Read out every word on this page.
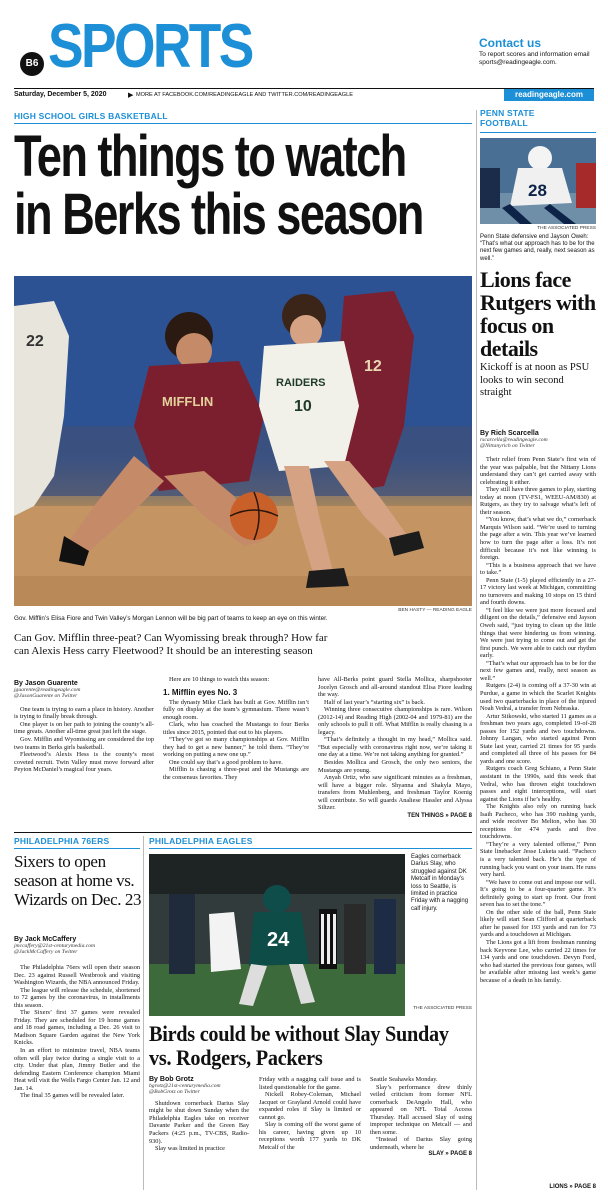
B6 SPORTS	Contact us
To report scores and information email sports@readingeagle.com.
Saturday, December 5, 2020	▶ MORE AT FACEBOOK.COM/READINGEAGLE AND TWITTER.COM/READINGEAGLE	readingeagle.com
HIGH SCHOOL GIRLS BASKETBALL
Ten things to watch in Berks this season
22
12
MIFFLIN
RAIDERS
10
BEN HASTY — READING EAGLE
Gov. Mifflin’s Elisa Fiore and Twin Valley’s Morgan Lennon will be big part of teams to keep an eye on this winter.
Can Gov. Mifflin three-peat? Can Wyomissing break through? How far can Alexis Hess carry Fleetwood? It should be an interesting season
By Jason Guarente
jguarente@readingeagle.com
@JasonGuarente on Twitter

One team is trying to earn a place in history. Another is trying to finally break through.

One player is on her path to joining the county’s all-time greats. Another all-time great just left the stage.

Gov. Mifflin and Wyomissing are considered the top two teams in Berks girls basketball.

Fleetwood’s Alexis Hess is the county’s most coveted recruit. Twin Valley must move forward after Peyton McDaniel’s magical four years.

Here are 10 things to watch this season:

1. Mifflin eyes No. 3

The dynasty Mike Clark has built at Gov. Mifflin isn’t fully on display at the team’s gymnasium. There wasn’t enough room.

Clark, who has coached the Mustangs to four Berks titles since 2015, pointed that out to his players.

“They’ve got so many championships at Gov. Mifflin they had to get a new banner,” he told them. “They’re working on putting a new one up.”

One could say that’s a good problem to have.

Mifflin is chasing a three-peat and the Mustangs are the consensus favorites. They

have All-Berks point guard Stella Mollica, sharpshooter Jocelyn Grosch and all-around standout Elisa Fiore leading the way.

Half of last year’s “starting six” is back.

Winning three consecutive championships is rare. Wilson (2012-14) and Reading High (2002-04 and 1979-81) are the only schools to pull it off. What Mifflin is really chasing is a legacy.

“That’s definitely a thought in my head,” Mollica said. “But especially with coronavirus right now, we’re taking it one day at a time. We’re not taking anything for granted.”

Besides Mollica and Grosch, the only two seniors, the Mustangs are young.

Anyah Ortiz, who saw significant minutes as a freshman, will have a bigger role. Shyanna and Shakyla Mayo, transfers from Muhlenberg, and freshman Taylor Koenig will contribute. So will guards Analiese Hassler and Alyssa Siltzer.

TEN THINGS » PAGE 8
PENN STATE FOOTBALL
28
THE ASSOCIATED PRESS
Penn State defensive end Jayson Oweh: “That’s what our approach has to be for the next few games and, really, next season as well.”
Lions face Rutgers with focus on details
Kickoff is at noon as PSU looks to win second straight
By Rich Scarcella
rscarcella@readingeagle.com
@Nittanyrich on Twitter

Their relief from Penn State’s first win of the year was palpable, but the Nittany Lions understand they can’t get carried away with celebrating it either.

They still have three games to play, starting today at noon (TV-FS1, WEEU-AM/830) at Rutgers, as they try to salvage what’s left of their season.

“You know, that’s what we do,” cornerback Marquis Wilson said. “We’re used to turning the page after a win. This year we’ve learned how to turn the page after a loss. It’s not difficult because it’s not like winning is foreign.

“This is a business approach that we have to take.”

Penn State (1-5) played efficiently in a 27-17 victory last week at Michigan, committing no turnovers and making 10 stops on 15 third and fourth downs.

“I feel like we were just more focused and diligent on the details,” defensive end Jayson Oweh said, “just trying to clean up the little things that were hindering us from winning. We were just trying to come out and get the first punch. We were able to catch our rhythm early.

“That’s what our approach has to be for the next few games and, really, next season as well.”

Rutgers (2-4) is coming off a 37-30 win at Purdue, a game in which the Scarlet Knights used two quarterbacks in place of the injured Noah Vedral, a transfer from Nebraska.

Artur Sitkowski, who started 11 games as a freshman two years ago, completed 19-of-28 passes for 152 yards and two touchdowns. Johnny Langan, who started against Penn State last year, carried 21 times for 95 yards and completed all three of his passes for 84 yards and one score.

Rutgers coach Greg Schiano, a Penn State assistant in the 1990s, said this week that Vedral, who has thrown eight touchdown passes and eight interceptions, will start against the Lions if he’s healthy.

The Knights also rely on running back Isaih Pacheco, who has 390 rushing yards, and wide receiver Bo Melton, who has 30 receptions for 474 yards and five touchdowns.

“They’re a very talented offense,” Penn State linebacker Jesse Luketa said. “Pacheco is a very talented back. He’s the type of running back you want on your team. He runs very hard.

“We have to come out and impose our will. It’s going to be a four-quarter game. It’s definitely going to start up front. Our front seven has to set the tone.”

On the other side of the ball, Penn State likely will start Sean Clifford at quarterback after he passed for 193 yards and ran for 73 yards and a touchdown at Michigan.

The Lions got a lift from freshman running back Keyvone Lee, who carried 22 times for 134 yards and one touchdown. Devyn Ford, who had started the previous four games, will be available after missing last week’s game because of a death in his family.

LIONS » PAGE 8
PHILADELPHIA 76ERS
Sixers to open season at home vs. Wizards on Dec. 23
By Jack McCaffery
jmccaffery@21st-centurymedia.com
@JackMcCaffery on Twitter

The Philadelphia 76ers will open their season Dec. 23 against Russell Westbrook and visiting Washington Wizards, the NBA announced Friday.

The league will release the schedule, shortened to 72 games by the coronavirus, in installments this season.

The Sixers’ first 37 games were revealed Friday. They are scheduled for 19 home games and 18 road games, including a Dec. 26 visit to Madison Square Garden against the New York Knicks.

In an effort to minimize travel, NBA teams often will play twice during a single visit to a city. Under that plan, Jimmy Butler and the defending Eastern Conference champion Miami Heat will visit the Wells Fargo Center Jan. 12 and Jan. 14.

The final 35 games will be revealed later.

PHILADELPHIA EAGLES
24
Eagles cornerback Darius Slay, who struggled against DK Metcalf in Monday’s loss to Seattle, is limited in practice Friday with a nagging calf injury.
THE ASSOCIATED PRESS
Birds could be without Slay Sunday vs. Rodgers, Packers
By Bob Grotz
bgrotz@21st-centurymedia.com
@BobGrotz on Twitter

Shutdown cornerback Darius Slay might be shut down Sunday when the Philadelphia Eagles take on receiver Davante Parker and the Green Bay Packers (4:25 p.m., TV-CBS, Radio-930).

Slay was limited in practice

Friday with a nagging calf issue and is listed questionable for the game.

Nickell Robey-Coleman, Michael Jacquet or Grayland Arnold could have expanded roles if Slay is limited or cannot go.

Slay is coming off the worst game of his career, having given up 10 receptions worth 177 yards to DK Metcalf of the

Seattle Seahawks Monday.

Slay’s performance drew thinly veiled criticism from former NFL cornerback DeAngelo Hall, who appeared on NFL Total Access Thursday. Hall accused Slay of using improper technique on Metcalf — and then some.

“Instead of Darius Slay going underneath, where he

SLAY » PAGE 8
